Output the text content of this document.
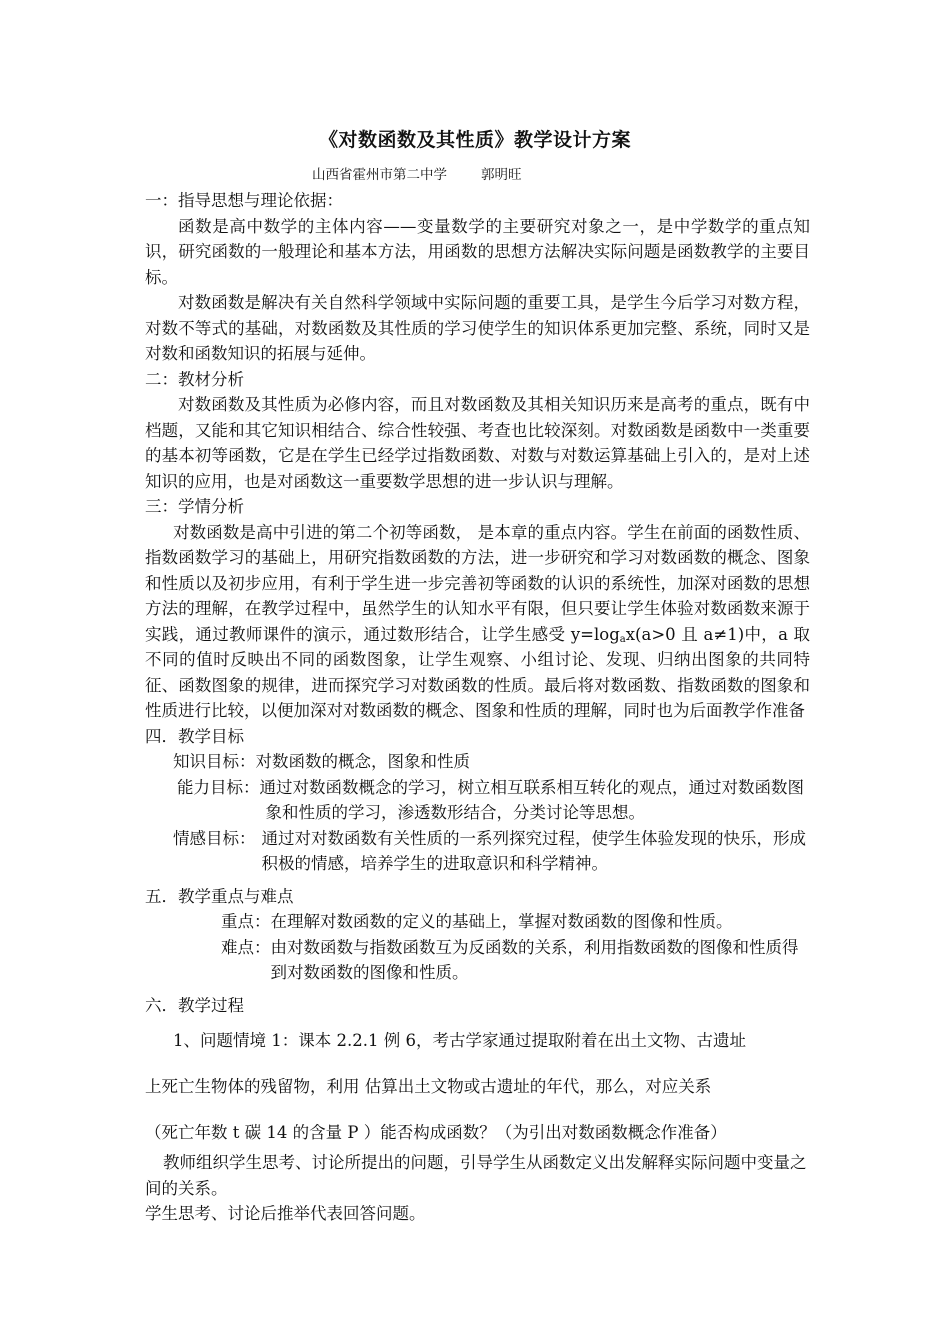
《对数函数及其性质》教学设计方案
山西省霍州市第二中学	郭明旺

一：指导思想与理论依据：

函数是高中数学的主体内容——变量数学的主要研究对象之一，是中学数学的重点知识，研究函数的一般理论和基本方法，用函数的思想方法解决实际问题是函数教学的主要目标。

对数函数是解决有关自然科学领域中实际问题的重要工具，是学生今后学习对数方程，对数不等式的基础，对数函数及其性质的学习使学生的知识体系更加完整、系统，同时又是对数和函数知识的拓展与延伸。

二：教材分析

对数函数及其性质为必修内容，而且对数函数及其相关知识历来是高考的重点，既有中档题，又能和其它知识相结合、综合性较强、考查也比较深刻。对数函数是函数中一类重要的基本初等函数，它是在学生已经学过指数函数、对数与对数运算基础上引入的，是对上述知识的应用，也是对函数这一重要数学思想的进一步认识与理解。

三：学情分析

对数函数是高中引进的第二个初等函数， 是本章的重点内容。学生在前面的函数性质、指数函数学习的基础上，用研究指数函数的方法，进一步研究和学习对数函数的概念、图象和性质以及初步应用，有利于学生进一步完善初等函数的认识的系统性，加深对函数的思想方法的理解，在教学过程中，虽然学生的认知水平有限，但只要让学生体验对数函数来源于实践，通过教师课件的演示，通过数形结合，让学生感受 $y=\log_ax(a>0$ 且 a≠1)中，a 取不同的值时反映出不同的函数图象，让学生观察、小组讨论、发现、归纳出图象的共同特征、函数图象的规律，进而探究学习对数函数的性质。最后将对数函数、指数函数的图象和性质进行比较，以便加深对对数函数的概念、图象和性质的理解，同时也为后面教学作准备

四．教学目标

知识目标： 对数函数的概念，图象和性质
能力目标： 通过对数函数概念的学习，树立相互联系相互转化的观点，通过对数函数图象和性质的学习，渗透数形结合，分类讨论等思想。
情感目标： 通过对对数函数有关性质的一系列探究过程，使学生体验发现的快乐，形成积极的情感，培养学生的进取意识和科学精神。

五．教学重点与难点

重点： 在理解对数函数的定义的基础上，掌握对数函数的图像和性质。
难点： 由对数函数与指数函数互为反函数的关系，利用指数函数的图像和性质得到对数函数的图像和性质。

六．教学过程

1、问题情境 1：课本 2.2.1 例 6，考古学家通过提取附着在出土文物、古遗址

上死亡生物体的残留物，利用 估算出土文物或古遗址的年代，那么，对应关系

（死亡年数 t 碳 14 的含量 P ）能否构成函数？（为引出对数函数概念作准备）

教师组织学生思考、讨论所提出的问题，引导学生从函数定义出发解释实际问题中变量之间的关系。

学生思考、讨论后推举代表回答问题。
